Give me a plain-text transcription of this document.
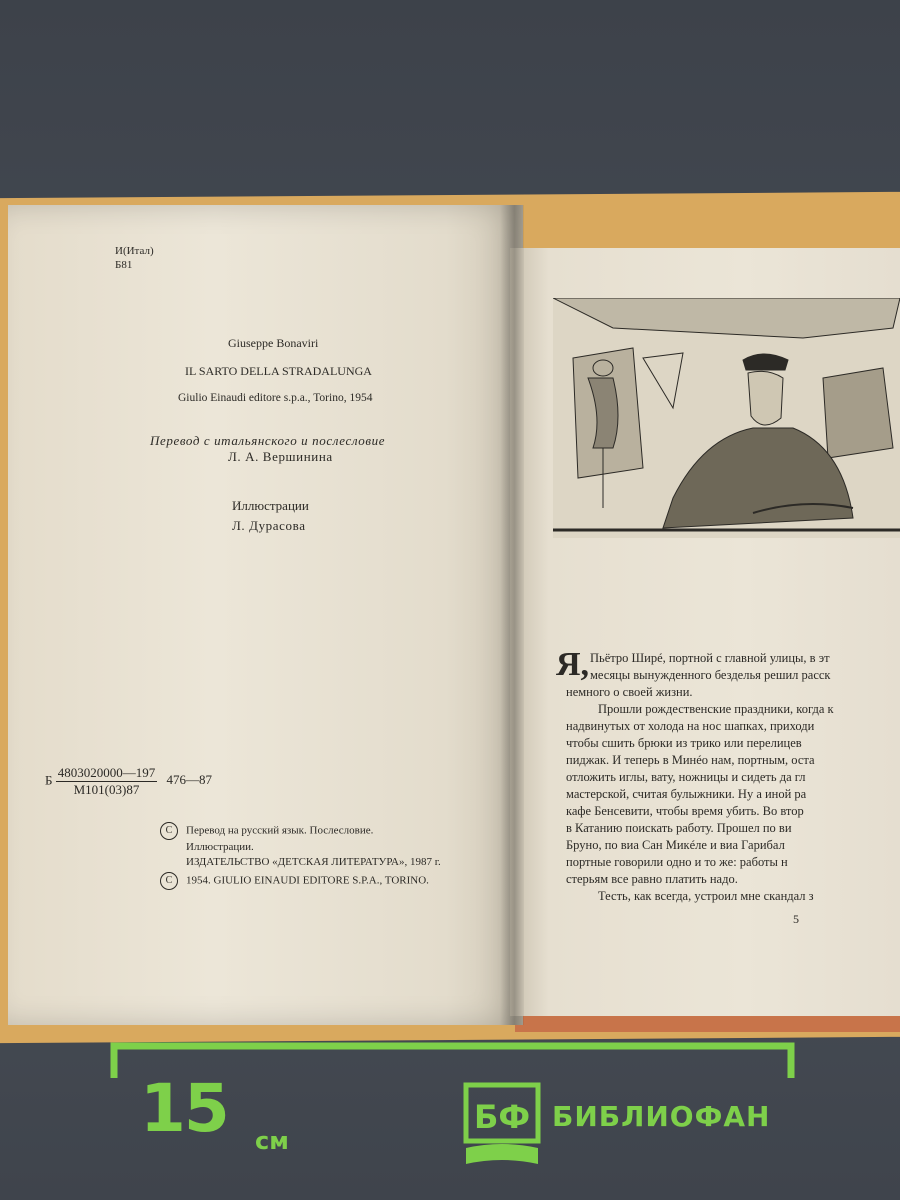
И(Итал)
Б81
Giuseppe Bonaviri
IL SARTO DELLA STRADALUNGA
Giulio Einaudi editore s.p.a., Torino, 1954
Перевод с итальянского и послесловие
Л. А. Вершинина
Иллюстрации
Л. Дурасова
Б $\frac{4803020000—197}{М101(03)87}$ 476—87
C Перевод на русский язык. Послесловие.
Иллюстрации.
ИЗДАТЕЛЬСТВО «ДЕТСКАЯ ЛИТЕРАТУРА», 1987 г.
C 1954. GIULIO EINAUDI EDITORE S.P.A., TORINO.
Я, Пьётро Ширé, портной с главной улицы, в эт
месяцы вынужденного безделья решил расск
немного о своей жизни.
Прошли рождественские праздники, когда к
надвинутых от холода на нос шапках, приходи
чтобы сшить брюки из трико или перелицев
пиджак. И теперь в Минéо нам, портным, оста
отложить иглы, вату, ножницы и сидеть да гл
мастерской, считая булыжники. Ну а иной ра
кафе Бенсевити, чтобы время убить. Во втор
в Катанию поискать работу. Прошел по ви
Бруно, по виа Сан Микéле и виа Гарибал
портные говорили одно и то же: работы н
стерьям все равно платить надо.
Тесть, как всегда, устроил мне скандал з
5
15 см
БФ БИБЛИОФАН
